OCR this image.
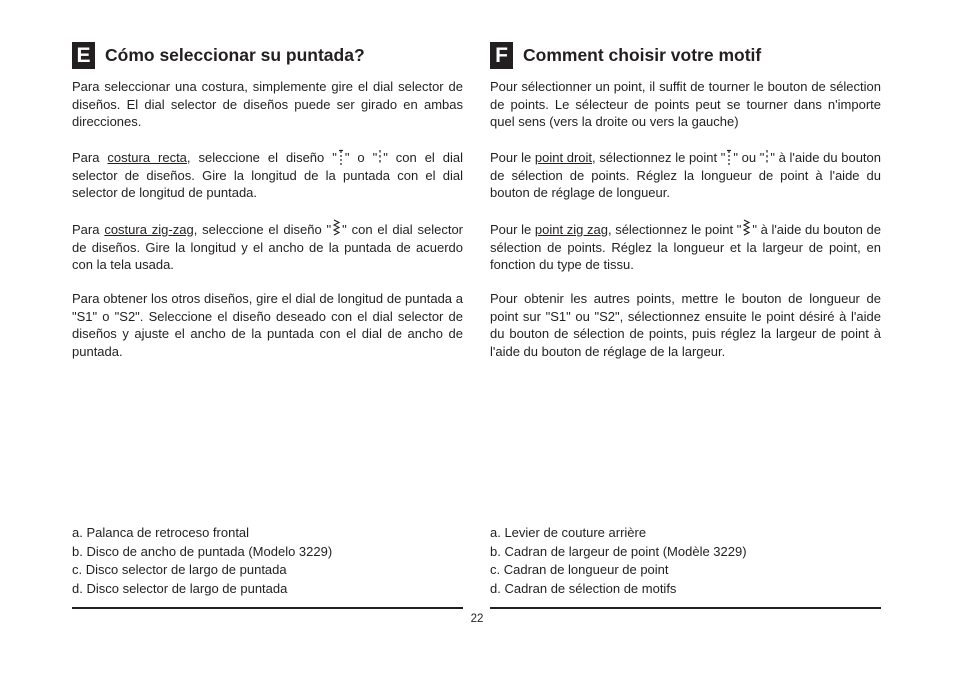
E Cómo seleccionar su puntada?

Para seleccionar una costura, simplemente gire el dial selector de diseños. El dial selector de diseños puede ser girado en ambas direcciones.

Para costura recta, seleccione el diseño " " o " " con el dial selector de diseños. Gire la longitud de la puntada con el dial selector de longitud de puntada.

Para costura zig-zag, seleccione el diseño " " con el dial selector de diseños. Gire la longitud y el ancho de la puntada de acuerdo con la tela usada.

Para obtener los otros diseños, gire el dial de longitud de puntada a "S1" o "S2". Seleccione el diseño deseado con el dial selector de diseños y ajuste el ancho de la puntada con el dial de ancho de puntada.

a. Palanca de retroceso frontal
b. Disco de ancho de puntada (Modelo 3229)
c. Disco selector de largo de puntada
d. Disco selector de largo de puntada
F Comment choisir votre motif

Pour sélectionner un point, il suffit de tourner le bouton de sélection de points. Le sélecteur de points peut se tourner dans n'importe quel sens (vers la droite ou vers la gauche)

Pour le point droit, sélectionnez le point " " ou " " à l'aide du bouton de sélection de points. Réglez la longueur de point à l'aide du bouton de réglage de longueur.

Pour le point zig zag, sélectionnez le point " " à l'aide du bouton de sélection de points. Réglez la longueur et la largeur de point, en fonction du type de tissu.

Pour obtenir les autres points, mettre le bouton de longueur de point sur "S1" ou "S2", sélectionnez ensuite le point désiré à l'aide du bouton de sélection de points, puis réglez la largeur de point à l'aide du bouton de réglage de la largeur.

a. Levier de couture arrière
b. Cadran de largeur de point (Modèle 3229)
c. Cadran de longueur de point
d. Cadran de sélection de motifs
22
